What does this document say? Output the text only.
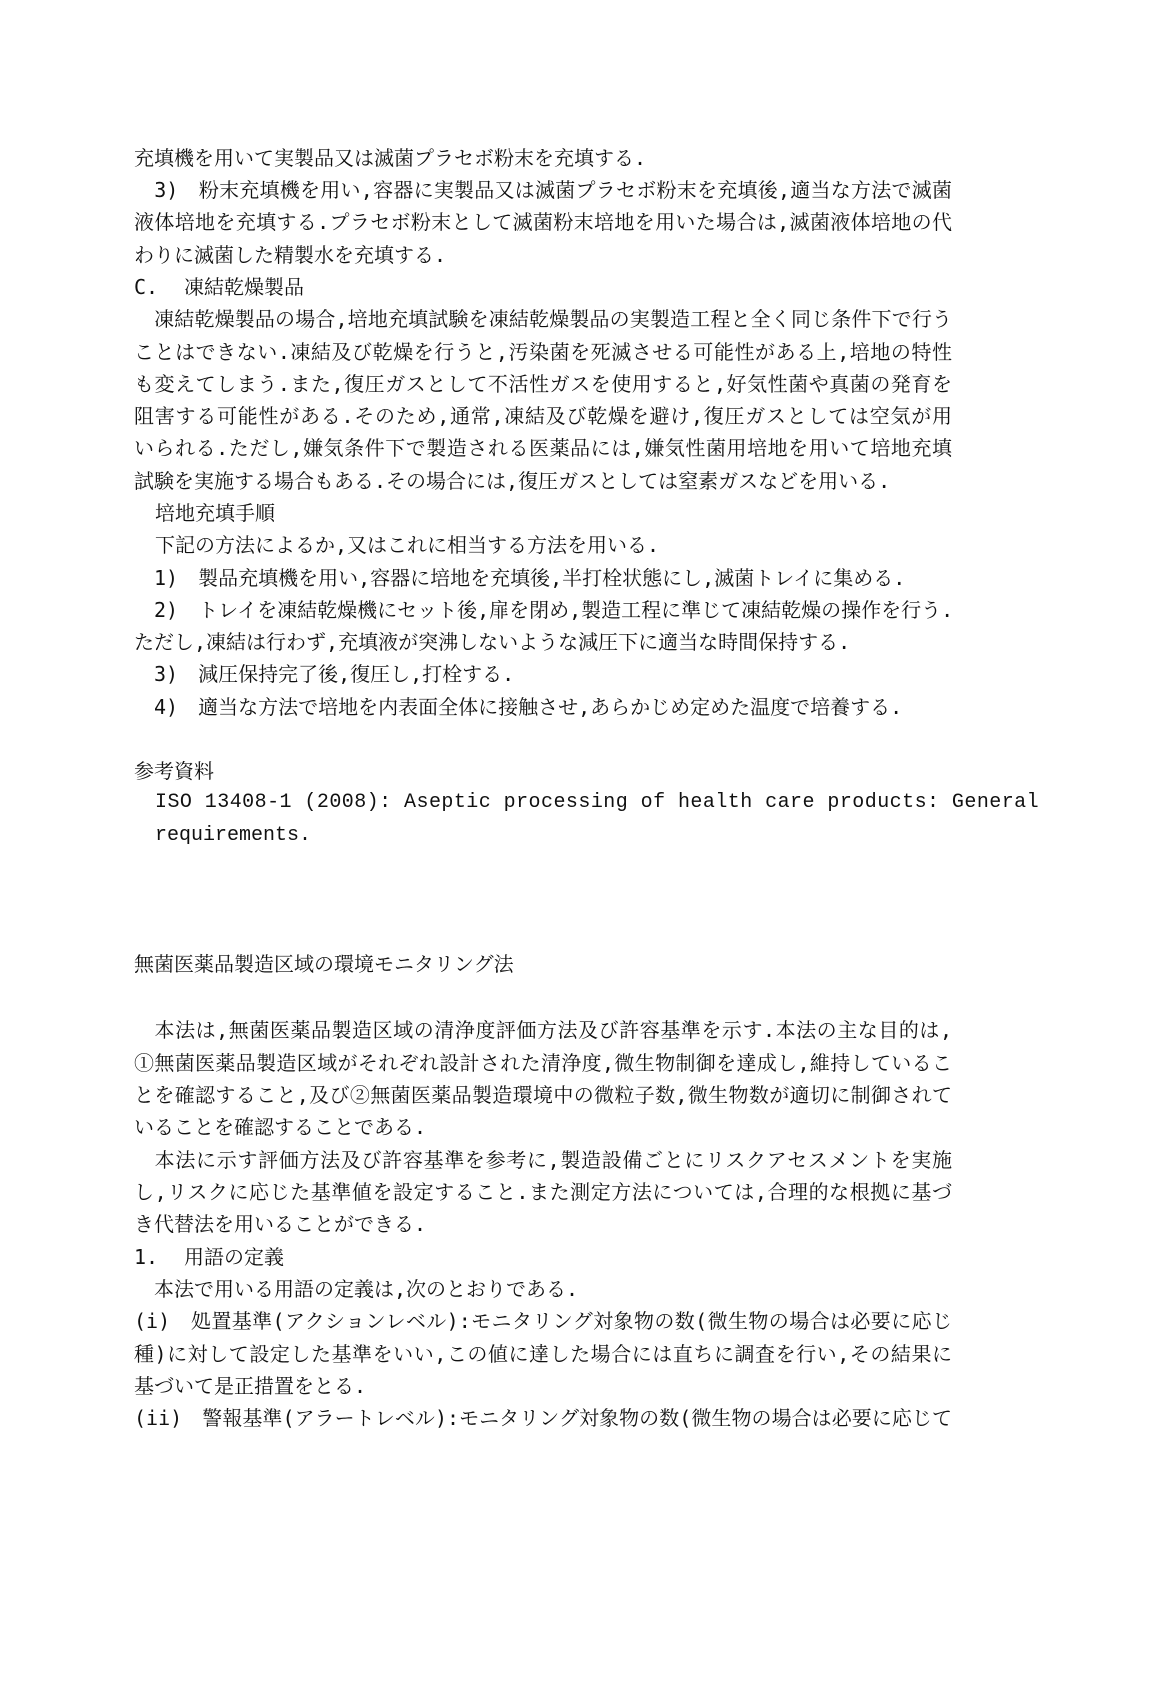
充填機を用いて実製品又は滅菌プラセボ粉末を充填する.
　3)　粉末充填機を用い,容器に実製品又は滅菌プラセボ粉末を充填後,適当な方法で滅菌
液体培地を充填する.プラセボ粉末として滅菌粉末培地を用いた場合は,滅菌液体培地の代
わりに滅菌した精製水を充填する.
C. 凍結乾燥製品
　凍結乾燥製品の場合,培地充填試験を凍結乾燥製品の実製造工程と全く同じ条件下で行う
ことはできない.凍結及び乾燥を行うと,汚染菌を死滅させる可能性がある上,培地の特性
も変えてしまう.また,復圧ガスとして不活性ガスを使用すると,好気性菌や真菌の発育を
阻害する可能性がある.そのため,通常,凍結及び乾燥を避け,復圧ガスとしては空気が用
いられる.ただし,嫌気条件下で製造される医薬品には,嫌気性菌用培地を用いて培地充填
試験を実施する場合もある.その場合には,復圧ガスとしては窒素ガスなどを用いる.
培地充填手順
下記の方法によるか,又はこれに相当する方法を用いる.
　1)　製品充填機を用い,容器に培地を充填後,半打栓状態にし,滅菌トレイに集める.
　2)　トレイを凍結乾燥機にセット後,扉を閉め,製造工程に準じて凍結乾燥の操作を行う.
ただし,凍結は行わず,充填液が突沸しないような減圧下に適当な時間保持する.
　3)　減圧保持完了後,復圧し,打栓する.
　4)　適当な方法で培地を内表面全体に接触させ,あらかじめ定めた温度で培養する.
参考資料
ISO 13408-1 (2008): Aseptic processing of health care products: General
requirements.
無菌医薬品製造区域の環境モニタリング法
　本法は,無菌医薬品製造区域の清浄度評価方法及び許容基準を示す.本法の主な目的は,
①無菌医薬品製造区域がそれぞれ設計された清浄度,微生物制御を達成し,維持しているこ
とを確認すること,及び②無菌医薬品製造環境中の微粒子数,微生物数が適切に制御されて
いることを確認することである.
　本法に示す評価方法及び許容基準を参考に,製造設備ごとにリスクアセスメントを実施
し,リスクに応じた基準値を設定すること.また測定方法については,合理的な根拠に基づ
き代替法を用いることができる.
1. 用語の定義
　本法で用いる用語の定義は,次のとおりである.
(i)　処置基準(アクションレベル):モニタリング対象物の数(微生物の場合は必要に応じ
種)に対して設定した基準をいい,この値に達した場合には直ちに調査を行い,その結果に
基づいて是正措置をとる.
(ii)　警報基準(アラートレベル):モニタリング対象物の数(微生物の場合は必要に応じて
